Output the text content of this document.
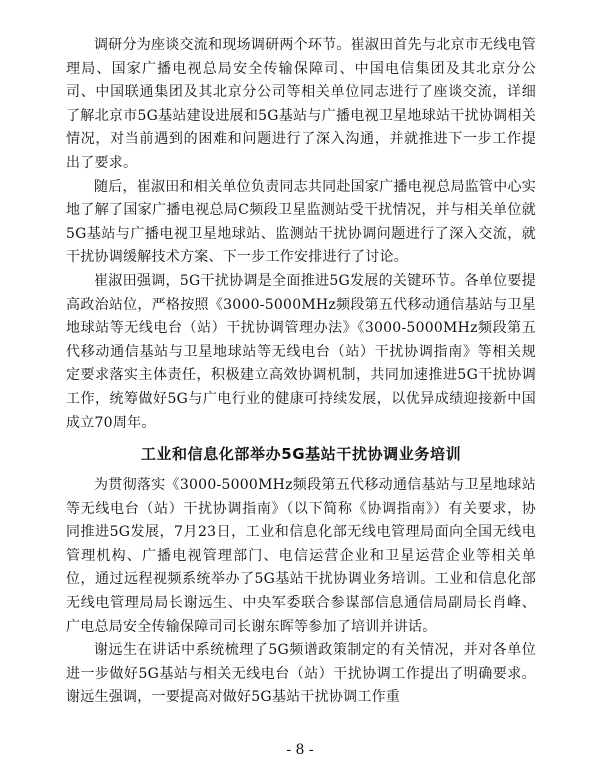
调研分为座谈交流和现场调研两个环节。崔淑田首先与北京市无线电管理局、国家广播电视总局安全传输保障司、中国电信集团及其北京分公司、中国联通集团及其北京分公司等相关单位同志进行了座谈交流，详细了解北京市5G基站建设进展和5G基站与广播电视卫星地球站干扰协调相关情况，对当前遇到的困难和问题进行了深入沟通，并就推进下一步工作提出了要求。

随后，崔淑田和相关单位负责同志共同赴国家广播电视总局监管中心实地了解了国家广播电视总局C频段卫星监测站受干扰情况，并与相关单位就5G基站与广播电视卫星地球站、监测站干扰协调问题进行了深入交流，就干扰协调缓解技术方案、下一步工作安排进行了讨论。

崔淑田强调，5G干扰协调是全面推进5G发展的关键环节。各单位要提高政治站位，严格按照《3000-5000MHz频段第五代移动通信基站与卫星地球站等无线电台（站）干扰协调管理办法》《3000-5000MHz频段第五代移动通信基站与卫星地球站等无线电台（站）干扰协调指南》等相关规定要求落实主体责任，积极建立高效协调机制，共同加速推进5G干扰协调工作，统筹做好5G与广电行业的健康可持续发展，以优异成绩迎接新中国成立70周年。

工业和信息化部举办5G基站干扰协调业务培训

为贯彻落实《3000-5000MHz频段第五代移动通信基站与卫星地球站等无线电台（站）干扰协调指南》（以下简称《协调指南》）有关要求，协同推进5G发展，7月23日，工业和信息化部无线电管理局面向全国无线电管理机构、广播电视管理部门、电信运营企业和卫星运营企业等相关单位，通过远程视频系统举办了5G基站干扰协调业务培训。工业和信息化部无线电管理局局长谢远生、中央军委联合参谋部信息通信局副局长肖峰、广电总局安全传输保障司司长谢东晖等参加了培训并讲话。

谢远生在讲话中系统梳理了5G频谱政策制定的有关情况，并对各单位进一步做好5G基站与相关无线电台（站）干扰协调工作提出了明确要求。谢远生强调，一要提高对做好5G基站干扰协调工作重

- 8 -
